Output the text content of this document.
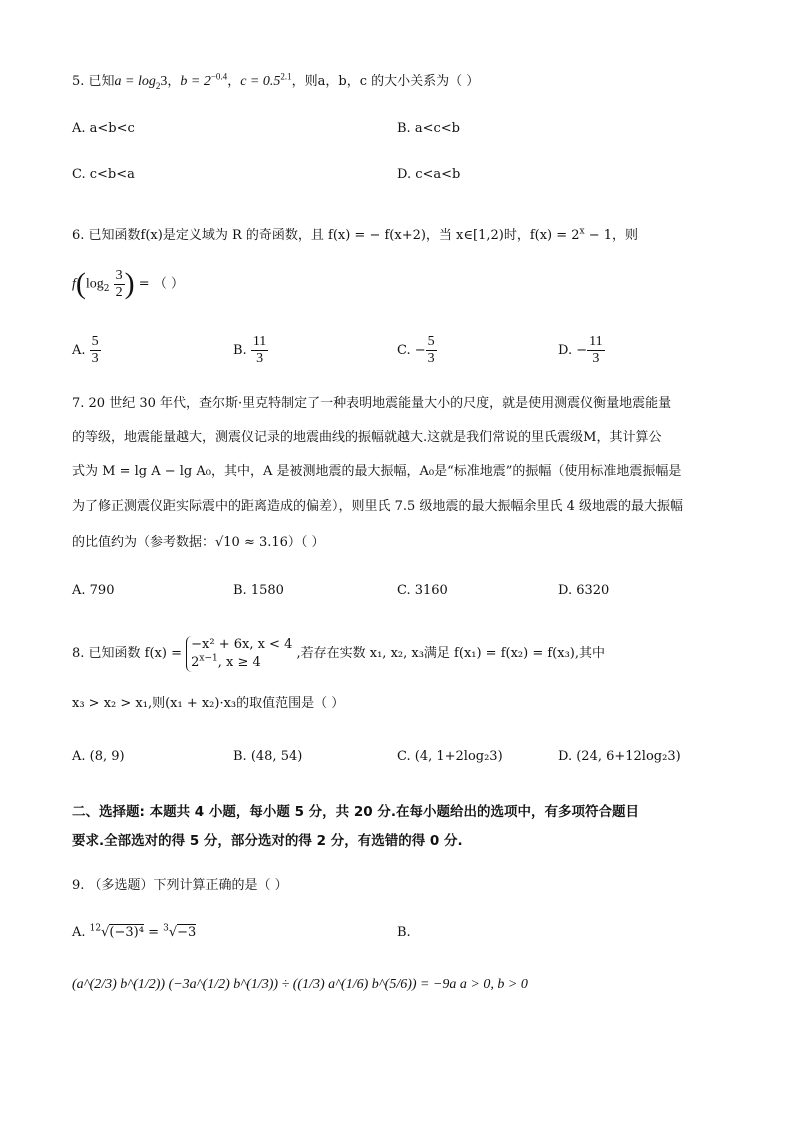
5. 已知$a = \log_23$，$b = 2^{-0.4}$，$c = 0.5^{2.1}$，则a，b，c 的大小关系为（ ）
A. a<b<c	B. a<c<b
C. c<b<a	D. c<a<b
6. 已知函数f(x)是定义域为 R 的奇函数，且 f(x) = − f(x+2)，当 x∈[1,2)时，$f(x) = 2^x - 1$，则
$f(\log_2 \frac{3}{2}$ ) = （ ）
A. $\frac{5}{3}$	B. $\frac{11}{3}$	C. − $\frac{5}{3}$	D. − $\frac{11}{3}$
7. 20 世纪 30 年代，查尔斯·里克特制定了一种表明地震能量大小的尺度，就是使用测震仪衡量地震能量
的等级，地震能量越大，测震仪记录的地震曲线的振幅就越大.这就是我们常说的里氏震级M，其计算公
式为 M = lg A − lg A₀，其中，A 是被测地震的最大振幅，A₀是“标准地震”的振幅（使用标准地震振幅是
为了修正测震仪距实际震中的距离造成的偏差），则里氏 7.5 级地震的最大振幅余里氏 4 级地震的最大振幅
的比值约为（参考数据：√10 ≈ 3.16）（ ）
A. 790	B. 1580	C. 3160	D. 6320
8. 已知函数 f(x) =
−x² + 6x, x < 4
$2^{x-1}$, x ≥ 4
,若存在实数 x₁, x₂, x₃满足 f(x₁) = f(x₂) = f(x₃),其中
x₃ > x₂ > x₁,则(x₁ + x₂)·x₃的取值范围是（ ）
A. (8, 9)	B. (48, 54)	C. (4, 1+2log₂3)	D. (24, 6+12log₂3)
二、选择题: 本题共 4 小题，每小题 5 分，共 20 分.在每小题给出的选项中，有多项符合题目
要求.全部选对的得 5 分，部分选对的得 2 分，有选错的得 0 分.
9. （多选题）下列计算正确的是（ ）
A. $^{12}$√(−3)⁴ = $^3$√−3	B.
(a^(2/3) b^(1/2)) (−3a^(1/2) b^(1/3)) ÷ ((1/3) a^(1/6) b^(5/6)) = −9a a > 0, b > 0
